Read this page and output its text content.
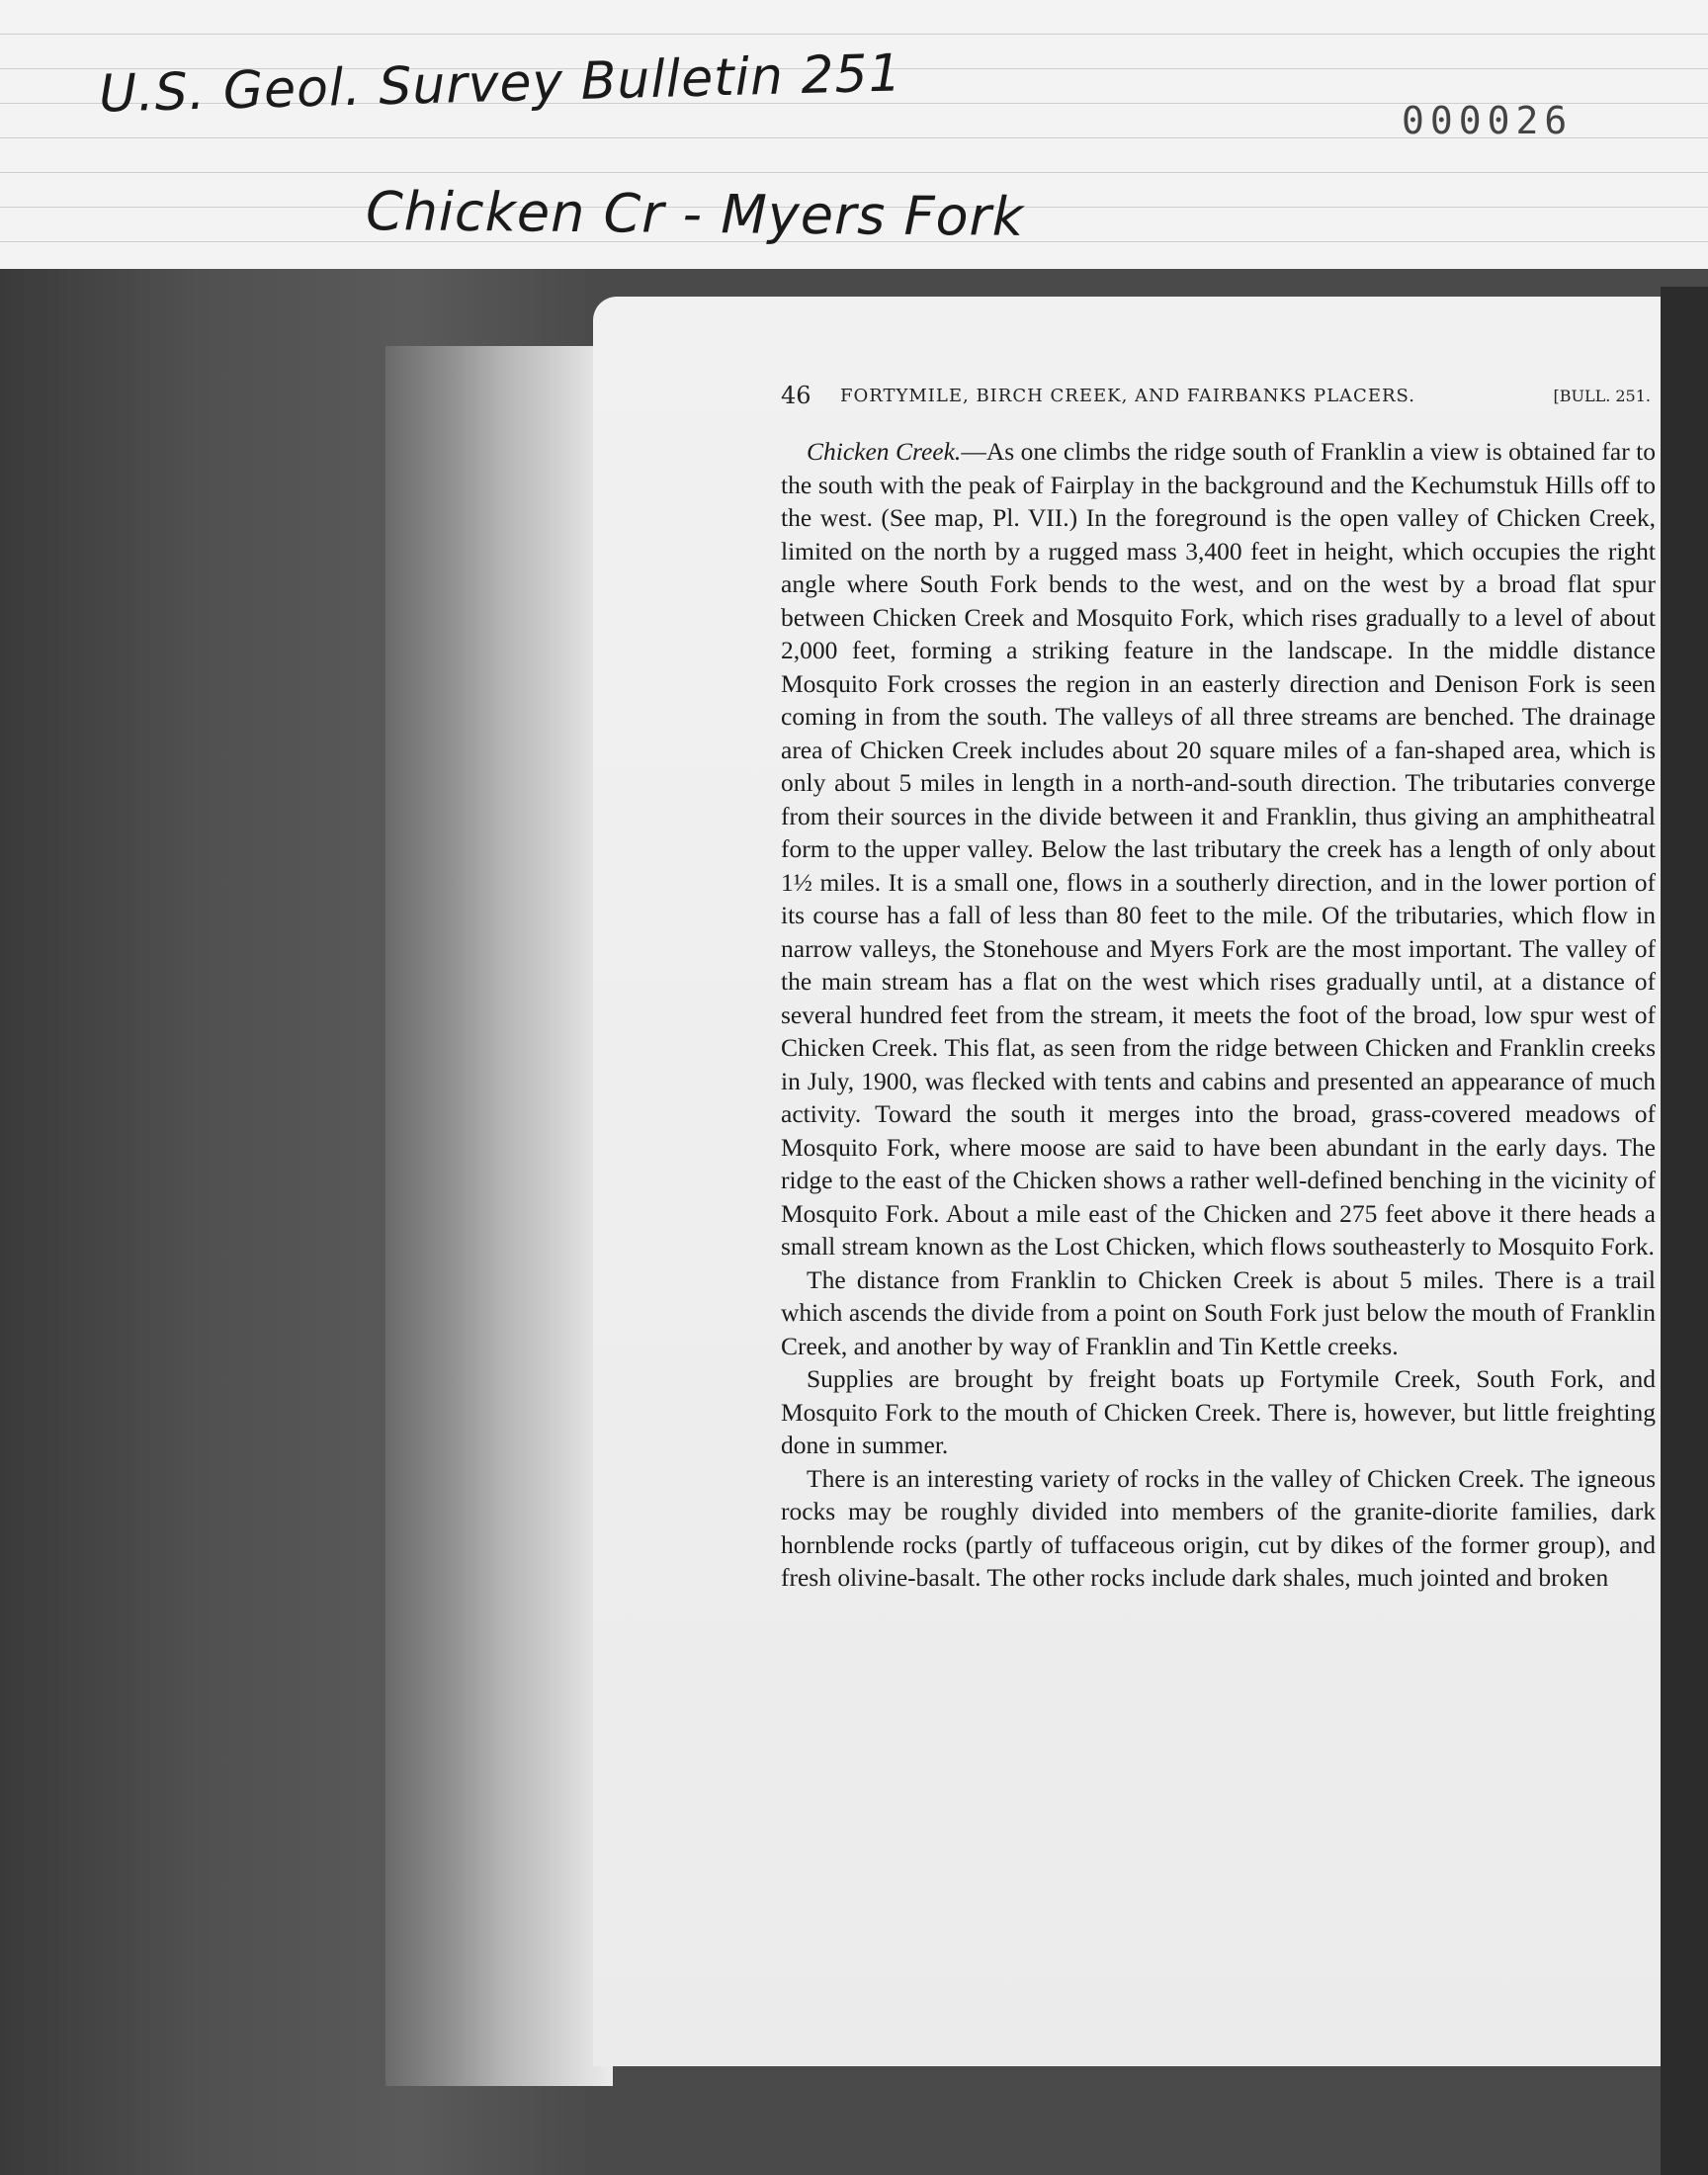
U.S. Geol. Survey Bulletin 251	000026
Chicken Cr - Myers Fork
46 FORTYMILE, BIRCH CREEK, AND FAIRBANKS PLACERS.	[BULL. 251.

Chicken Creek.—As one climbs the ridge south of Franklin a view is obtained far to the south with the peak of Fairplay in the background and the Kechumstuk Hills off to the west. (See map, Pl. VII.) In the foreground is the open valley of Chicken Creek, limited on the north by a rugged mass 3,400 feet in height, which occupies the right angle where South Fork bends to the west, and on the west by a broad flat spur between Chicken Creek and Mosquito Fork, which rises gradually to a level of about 2,000 feet, forming a striking feature in the landscape. In the middle distance Mosquito Fork crosses the region in an easterly direction and Denison Fork is seen coming in from the south. The valleys of all three streams are benched. The drainage area of Chicken Creek includes about 20 square miles of a fan-shaped area, which is only about 5 miles in length in a north-and-south direction. The tributaries converge from their sources in the divide between it and Franklin, thus giving an amphitheatral form to the upper valley. Below the last tributary the creek has a length of only about 1½ miles. It is a small one, flows in a southerly direction, and in the lower portion of its course has a fall of less than 80 feet to the mile. Of the tributaries, which flow in narrow valleys, the Stonehouse and Myers Fork are the most important. The valley of the main stream has a flat on the west which rises gradually until, at a distance of several hundred feet from the stream, it meets the foot of the broad, low spur west of Chicken Creek. This flat, as seen from the ridge between Chicken and Franklin creeks in July, 1900, was flecked with tents and cabins and presented an appearance of much activity. Toward the south it merges into the broad, grass-covered meadows of Mosquito Fork, where moose are said to have been abundant in the early days. The ridge to the east of the Chicken shows a rather well-defined benching in the vicinity of Mosquito Fork. About a mile east of the Chicken and 275 feet above it there heads a small stream known as the Lost Chicken, which flows southeasterly to Mosquito Fork.

The distance from Franklin to Chicken Creek is about 5 miles. There is a trail which ascends the divide from a point on South Fork just below the mouth of Franklin Creek, and another by way of Franklin and Tin Kettle creeks.

Supplies are brought by freight boats up Fortymile Creek, South Fork, and Mosquito Fork to the mouth of Chicken Creek. There is, however, but little freighting done in summer.

There is an interesting variety of rocks in the valley of Chicken Creek. The igneous rocks may be roughly divided into members of the granite-diorite families, dark hornblende rocks (partly of tuffaceous origin, cut by dikes of the former group), and fresh olivine-basalt. The other rocks include dark shales, much jointed and broken
